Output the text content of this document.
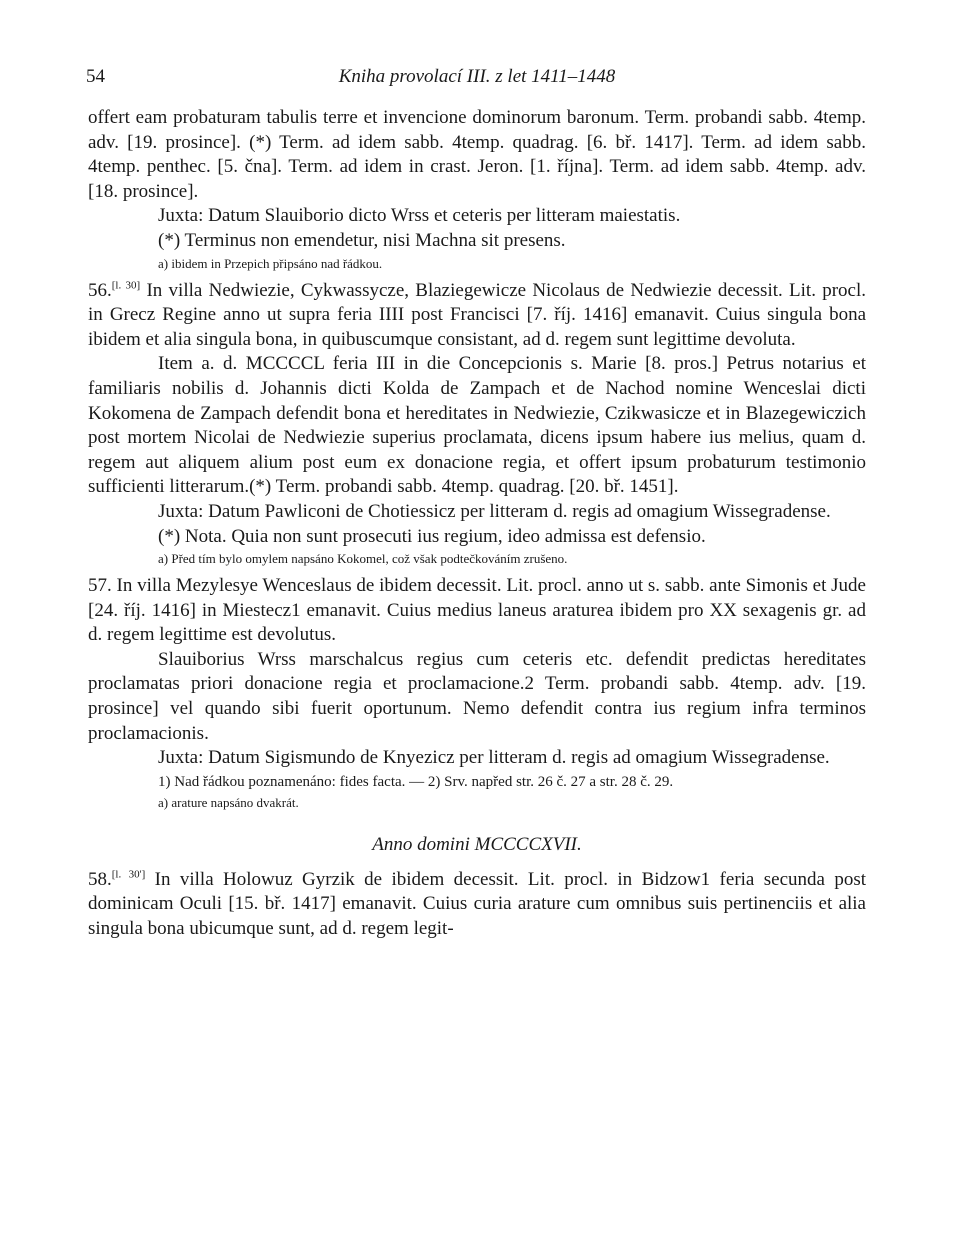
54	Kniha provolací III. z let 1411–1448

offert eam probaturam tabulis terre et invencione dominorum baronum. Term. probandi sabb. 4temp. adv. [19. prosince]. (*) Term. ad idem sabb. 4temp. quadrag. [6. bř. 1417]. Term. ad idem sabb. 4temp. penthec. [5. čna]. Term. ad idem in crast. Jeron. [1. října]. Term. ad idem sabb. 4temp. adv. [18. prosince].

Juxta: Datum Slauiborio dicto Wrss et ceteris per litteram maiestatis.

(*) Terminus non emendetur, nisi Machna sit presens.

a) ibidem in Przepich připsáno nad řádkou.

56.[l. 30] In villa Nedwiezie, Cykwassycze, Blaziegewicze Nicolaus de Nedwiezie decessit. Lit. procl. in Grecz Regine anno ut supra feria IIII post Francisci [7. říj. 1416] emanavit. Cuius singula bona ibidem et alia singula bona, in quibuscumque consistant, ad d. regem sunt legittime devoluta.

Item a. d. MCCCCL feria III in die Concepcionis s. Marie [8. pros.] Petrus notarius et familiaris nobilis d. Johannis dicti Kolda de Zampach et de Nachod nomine Wenceslai dicti Kokomena de Zampach defendit bona et hereditates in Nedwiezie, Czikwasicze et in Blazegewiczich post mortem Nicolai de Nedwiezie superius proclamata, dicens ipsum habere ius melius, quam d. regem aut aliquem alium post eum ex donacione regia, et offert ipsum probaturum testimonio sufficienti litterarum.(*) Term. probandi sabb. 4temp. quadrag. [20. bř. 1451].

Juxta: Datum Pawliconi de Chotiessicz per litteram d. regis ad omagium Wissegradense.

(*) Nota. Quia non sunt prosecuti ius regium, ideo admissa est defensio.

a) Před tím bylo omylem napsáno Kokomel, což však podtečkováním zrušeno.

57. In villa Mezylesye Wenceslaus de ibidem decessit. Lit. procl. anno ut s. sabb. ante Simonis et Jude [24. říj. 1416] in Miestecz1 emanavit. Cuius medius laneus araturea ibidem pro XX sexagenis gr. ad d. regem legittime est devolutus.

Slauiborius Wrss marschalcus regius cum ceteris etc. defendit predictas hereditates proclamatas priori donacione regia et proclamacione.2 Term. probandi sabb. 4temp. adv. [19. prosince] vel quando sibi fuerit oportunum. Nemo defendit contra ius regium infra terminos proclamacionis.

Juxta: Datum Sigismundo de Knyezicz per litteram d. regis ad omagium Wissegradense.

1) Nad řádkou poznamenáno: fides facta. — 2) Srv. napřed str. 26 č. 27 a str. 28 č. 29.

a) arature napsáno dvakrát.

Anno domini MCCCCXVII.

58.[l. 30'] In villa Holowuz Gyrzik de ibidem decessit. Lit. procl. in Bidzow1 feria secunda post dominicam Oculi [15. bř. 1417] emanavit. Cuius curia arature cum omnibus suis pertinenciis et alia singula bona ubicumque sunt, ad d. regem legit-
